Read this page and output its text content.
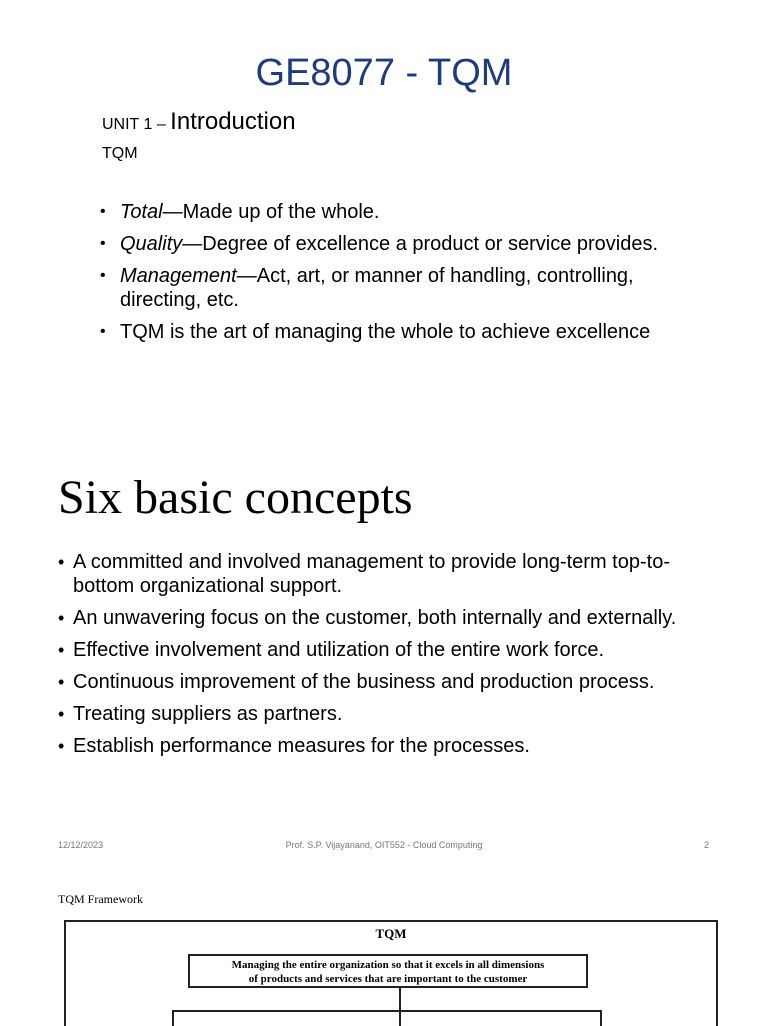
GE8077 - TQM
UNIT 1 – Introduction
TQM
• Total—Made up of the whole.
• Quality—Degree of excellence a product or service provides.
• Management—Act, art, or manner of handling, controlling, directing, etc.
• TQM is the art of managing the whole to achieve excellence
Six basic concepts
• A committed and involved management to provide long-term top-to-bottom organizational support.
• An unwavering focus on the customer, both internally and externally.
• Effective involvement and utilization of the entire work force.
• Continuous improvement of the business and production process.
• Treating suppliers as partners.
• Establish performance measures for the processes.
12/12/2023	Prof. S.P. Vijayanand, OIT552 - Cloud Computing	2
TQM Framework
TQM
Managing the entire organization so that it excels in all dimensions
of products and services that are important to the customer
